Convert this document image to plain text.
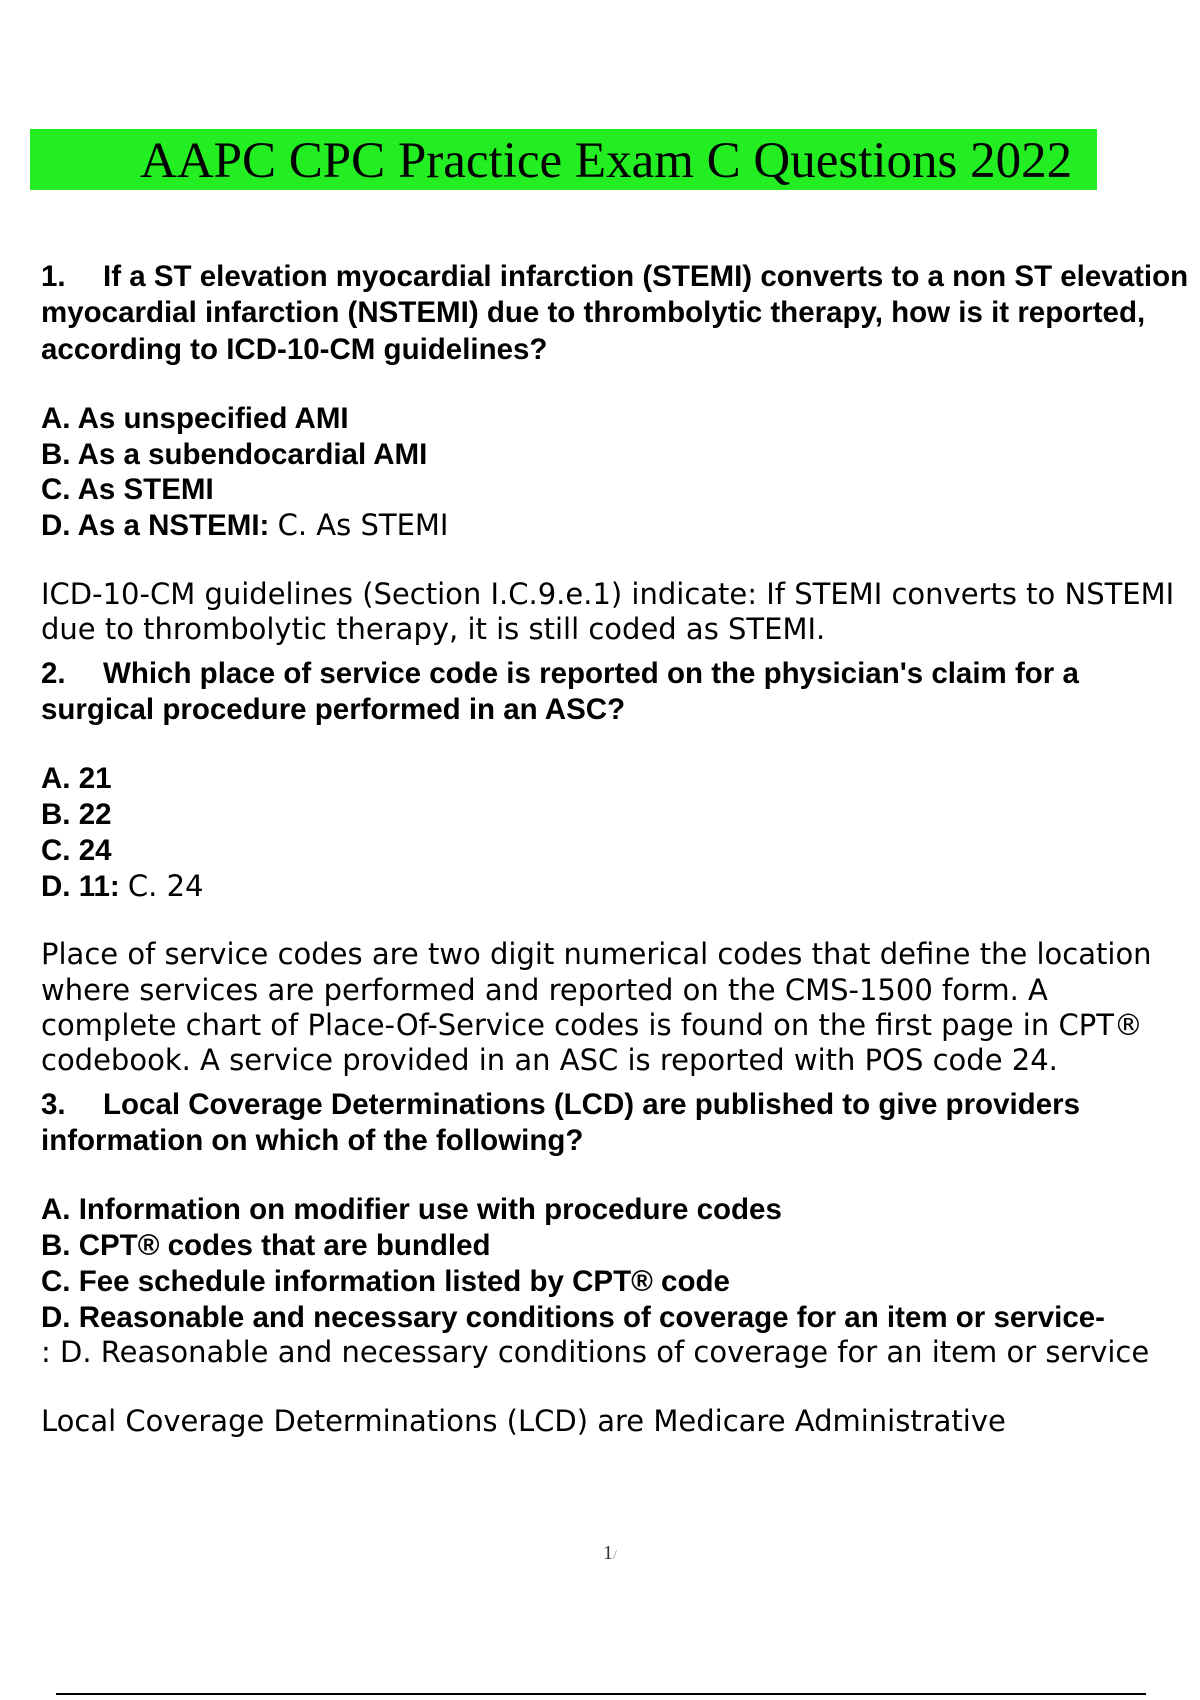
AAPC CPC Practice Exam C Questions 2022

1. If a ST elevation myocardial infarction (STEMI) converts to a non ST elevation myocardial infarction (NSTEMI) due to thrombolytic therapy, how is it reported, according to ICD-10-CM guidelines?

A. As unspecified AMI
B. As a subendocardial AMI
C. As STEMI
D. As a NSTEMI: C. As STEMI
ICD-10-CM guidelines (Section I.C.9.e.1) indicate: If STEMI converts to NSTEMI due to thrombolytic therapy, it is still coded as STEMI.

2. Which place of service code is reported on the physician's claim for a surgical procedure performed in an ASC?

A. 21
B. 22
C. 24
D. 11: C. 24
Place of service codes are two digit numerical codes that define the location where services are performed and reported on the CMS-1500 form. A complete chart of Place-Of-Service codes is found on the first page in CPT® codebook. A service provided in an ASC is reported with POS code 24.

3. Local Coverage Determinations (LCD) are published to give providers information on which of the following?

A. Information on modifier use with procedure codes
B. CPT® codes that are bundled
C. Fee schedule information listed by CPT® code
D. Reasonable and necessary conditions of coverage for an item or service-
: D. Reasonable and necessary conditions of coverage for an item or service
Local Coverage Determinations (LCD) are Medicare Administrative
1/
